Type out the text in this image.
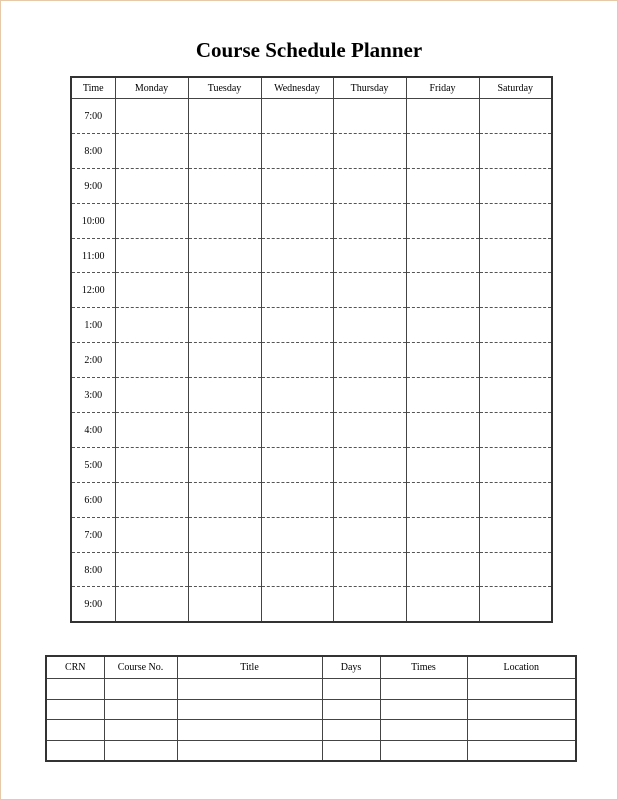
Course Schedule Planner
Time	Monday	Tuesday	Wednesday	Thursday	Friday	Saturday
7:00						
8:00						
9:00						
10:00						
11:00						
12:00						
1:00						
2:00						
3:00						
4:00						
5:00						
6:00						
7:00						
8:00						
9:00						
CRN	Course No.	Title	Days	Times	Location
